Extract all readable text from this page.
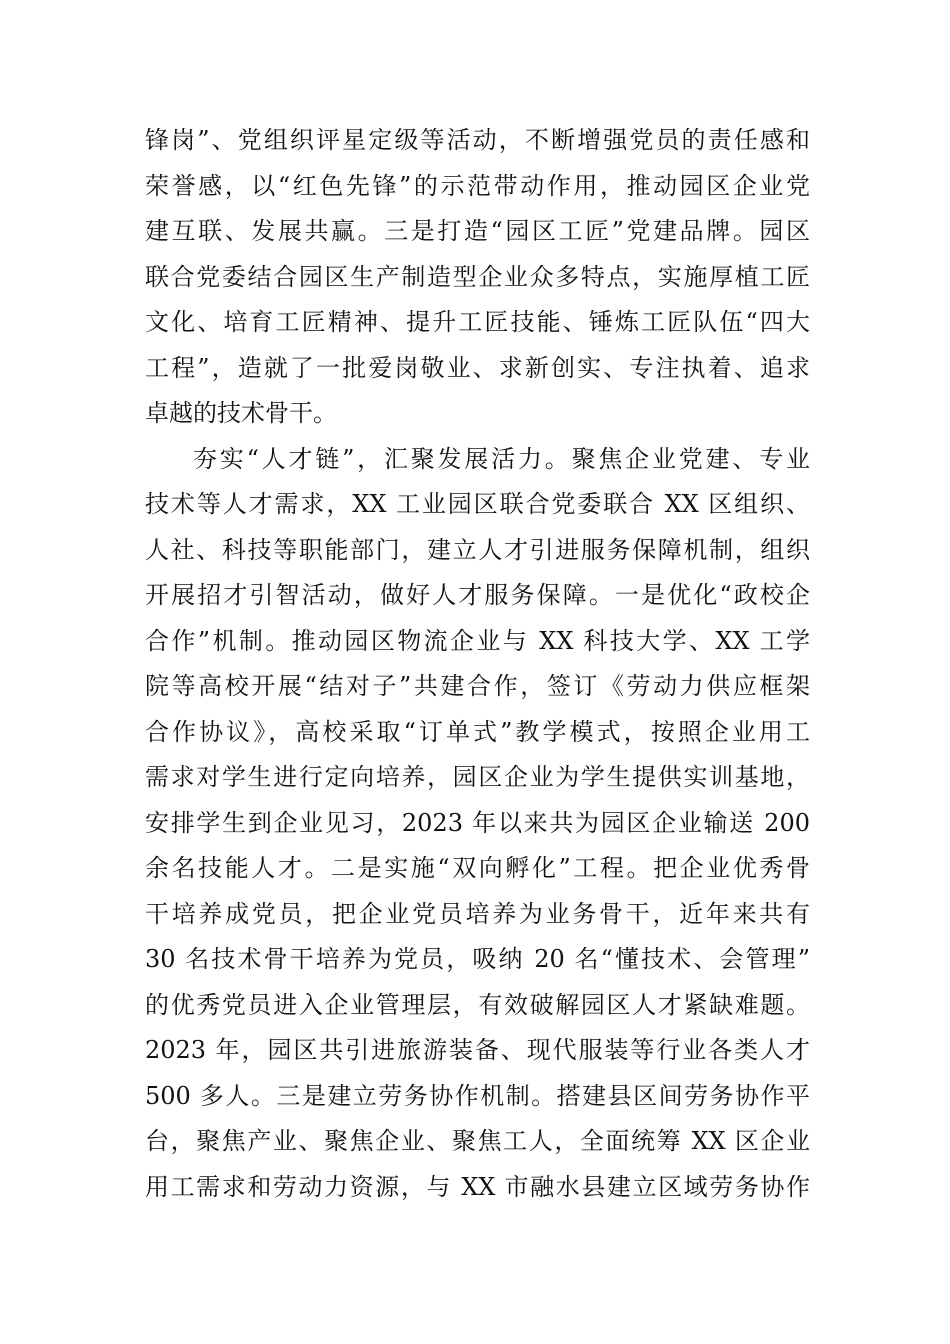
锋岗”、党组织评星定级等活动，不断增强党员的责任感和
荣誉感，以“红色先锋”的示范带动作用，推动园区企业党
建互联、发展共赢。三是打造“园区工匠”党建品牌。园区
联合党委结合园区生产制造型企业众多特点，实施厚植工匠
文化、培育工匠精神、提升工匠技能、锤炼工匠队伍“四大
工程”，造就了一批爱岗敬业、求新创实、专注执着、追求
卓越的技术骨干。
夯实“人才链”，汇聚发展活力。聚焦企业党建、专业
技术等人才需求，XX 工业园区联合党委联合 XX 区组织、
人社、科技等职能部门，建立人才引进服务保障机制，组织
开展招才引智活动，做好人才服务保障。一是优化“政校企
合作”机制。推动园区物流企业与 XX 科技大学、XX 工学
院等高校开展“结对子”共建合作，签订《劳动力供应框架
合作协议》，高校采取“订单式”教学模式，按照企业用工
需求对学生进行定向培养，园区企业为学生提供实训基地，
安排学生到企业见习，2023 年以来共为园区企业输送 200
余名技能人才。二是实施“双向孵化”工程。把企业优秀骨
干培养成党员，把企业党员培养为业务骨干，近年来共有
30 名技术骨干培养为党员，吸纳 20 名“懂技术、会管理”
的优秀党员进入企业管理层，有效破解园区人才紧缺难题。
2023 年，园区共引进旅游装备、现代服装等行业各类人才
500 多人。三是建立劳务协作机制。搭建县区间劳务协作平
台，聚焦产业、聚焦企业、聚焦工人，全面统筹 XX 区企业
用工需求和劳动力资源，与 XX 市融水县建立区域劳务协作
